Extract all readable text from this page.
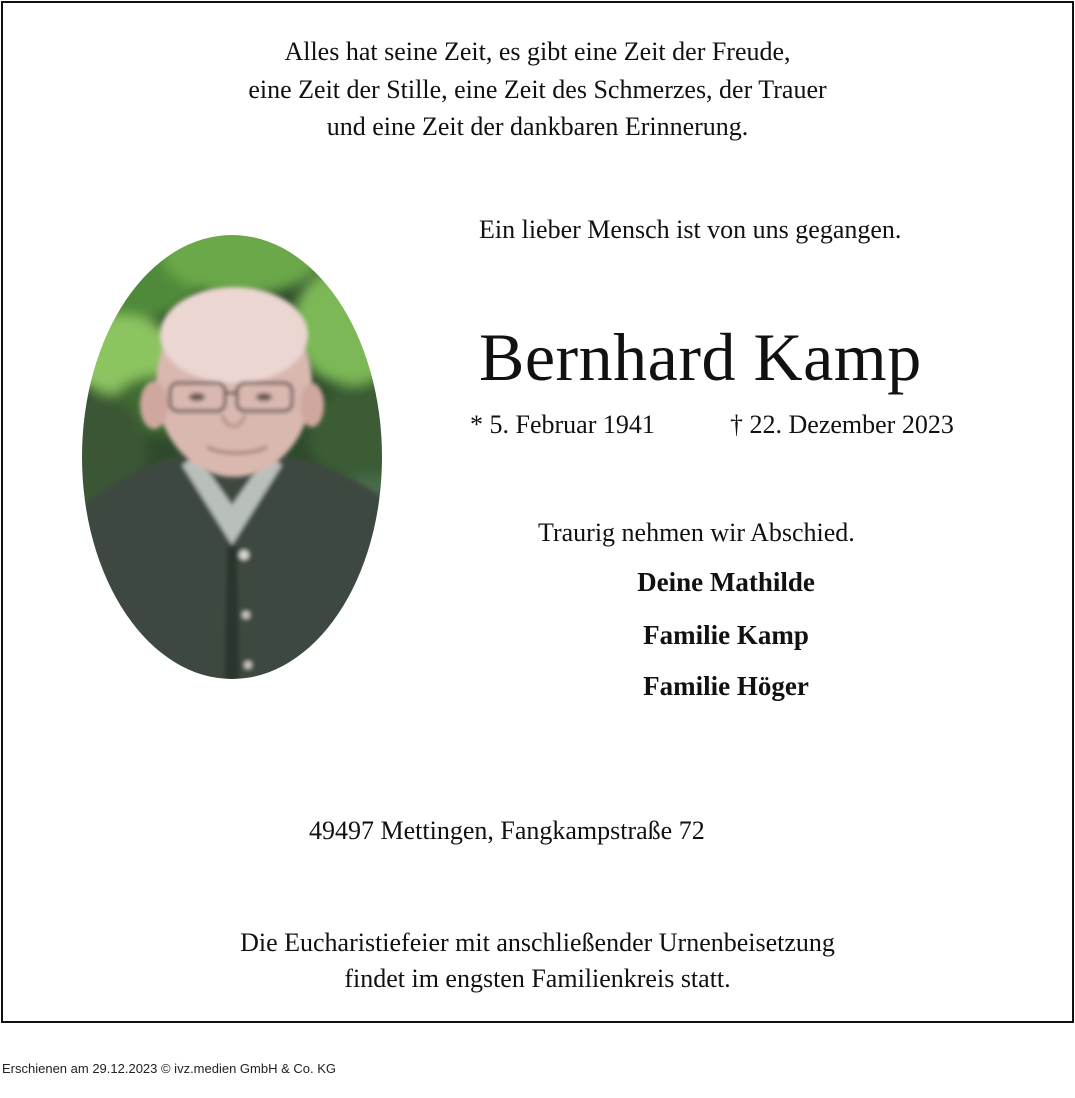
Alles hat seine Zeit, es gibt eine Zeit der Freude,
eine Zeit der Stille, eine Zeit des Schmerzes, der Trauer
und eine Zeit der dankbaren Erinnerung.
Ein lieber Mensch ist von uns gegangen.
Bernhard Kamp
* 5. Februar 1941	† 22. Dezember 2023
Traurig nehmen wir Abschied.
Deine Mathilde
Familie Kamp
Familie Höger
49497 Mettingen, Fangkampstraße 72
Die Eucharistiefeier mit anschließender Urnenbeisetzung
findet im engsten Familienkreis statt.
Erschienen am 29.12.2023 © ivz.medien GmbH & Co. KG
